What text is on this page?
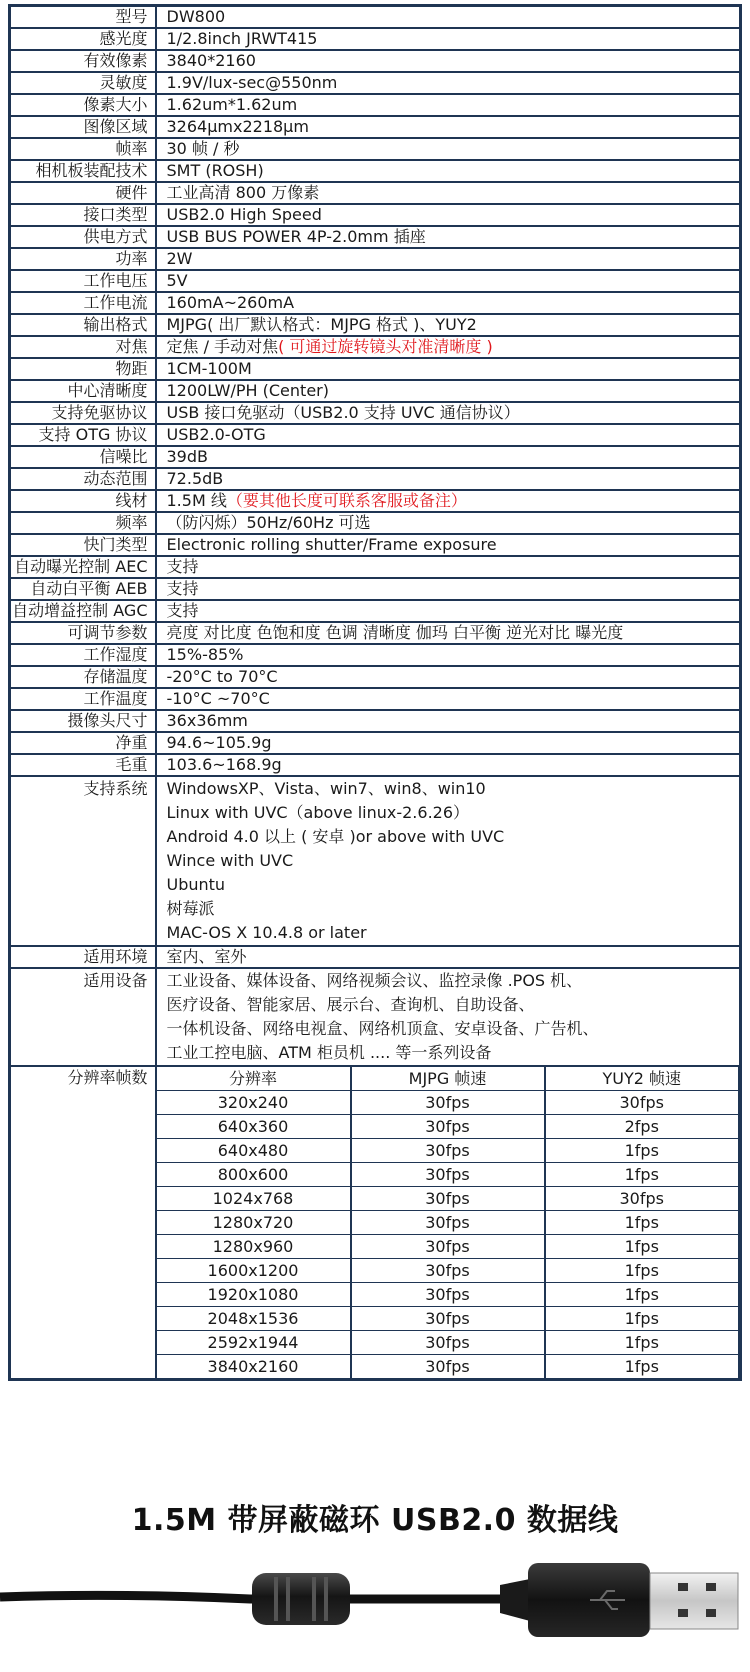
型号	DW800
感光度	1/2.8inch JRWT415
有效像素	3840*2160
灵敏度	1.9V/lux-sec@550nm
像素大小	1.62um*1.62um
图像区域	3264μmx2218μm
帧率	30 帧 / 秒
相机板装配技术	SMT (ROSH)
硬件	工业高清 800 万像素
接口类型	USB2.0 High Speed
供电方式	USB BUS POWER 4P-2.0mm 插座
功率	2W
工作电压	5V
工作电流	160mA~260mA
输出格式	MJPG( 出厂默认格式：MJPG 格式 )、YUY2
对焦	定焦 / 手动对焦( 可通过旋转镜头对准清晰度 )
物距	1CM-100M
中心清晰度	1200LW/PH (Center)
支持免驱协议	USB 接口免驱动（USB2.0 支持 UVC 通信协议）
支持 OTG 协议	USB2.0-OTG
信噪比	39dB
动态范围	72.5dB
线材	1.5M 线（要其他长度可联系客服或备注）
频率	（防闪烁）50Hz/60Hz 可选
快门类型	Electronic rolling shutter/Frame exposure
自动曝光控制 AEC	支持
自动白平衡 AEB	支持
自动增益控制 AGC	支持
可调节参数	亮度 对比度 色饱和度 色调 清晰度 伽玛 白平衡 逆光对比 曝光度
工作湿度	15%-85%
存储温度	-20°C to 70°C
工作温度	-10°C ~70°C
摄像头尺寸	36x36mm
净重	94.6~105.9g
毛重	103.6~168.9g
支持系统	WindowsXP、Vista、win7、win8、win10
Linux with UVC（above linux-2.6.26）
Android 4.0 以上 ( 安卓 )or above with UVC
Wince with UVC
Ubuntu
树莓派
MAC-OS X 10.4.8 or later

适用环境	室内、室外
适用设备	工业设备、媒体设备、网络视频会议、监控录像 .POS 机、
医疗设备、智能家居、展示台、查询机、自助设备、
一体机设备、网络电视盒、网络机顶盒、安卓设备、广告机、
工业工控电脑、ATM 柜员机 .... 等一系列设备

分辨率帧数		分辨率	MJPG 帧速	YUY2 帧速
320x240	30fps	30fps
640x360	30fps	2fps
640x480	30fps	1fps
800x600	30fps	1fps
1024x768	30fps	30fps
1280x720	30fps	1fps
1280x960	30fps	1fps
1600x1200	30fps	1fps
1920x1080	30fps	1fps
2048x1536	30fps	1fps
2592x1944	30fps	1fps
3840x2160	30fps	1fps
1.5M 带屏蔽磁环 USB2.0 数据线
